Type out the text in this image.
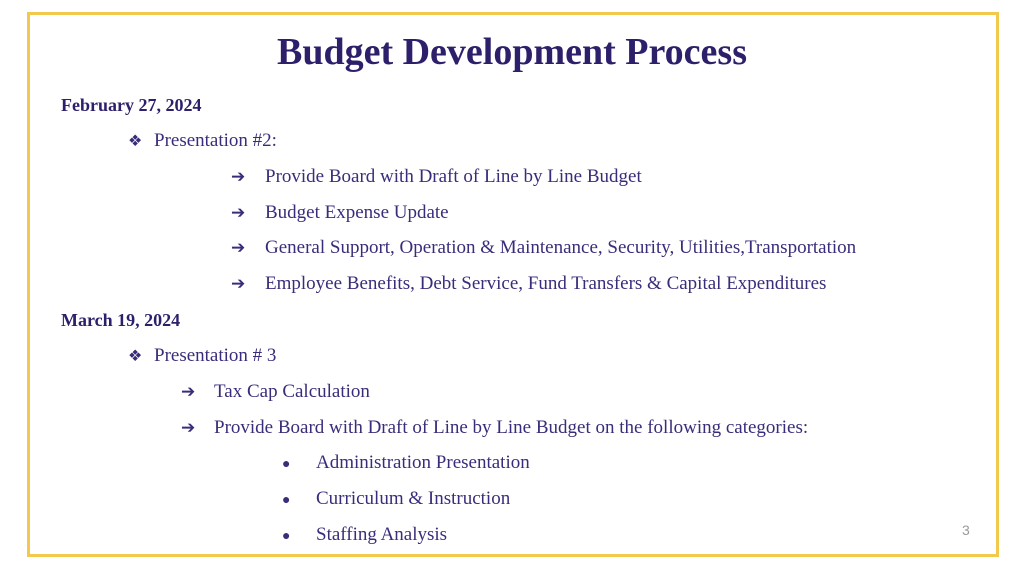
Budget Development Process
February 27, 2024
❖ Presentation #2:
➔ Provide Board with Draft of Line by Line Budget
➔ Budget Expense Update
➔ General Support, Operation & Maintenance, Security, Utilities,Transportation
➔ Employee Benefits, Debt Service, Fund Transfers & Capital Expenditures
March 19, 2024
❖ Presentation # 3
➔ Tax Cap Calculation
➔ Provide Board with Draft of Line by Line Budget on the following categories:
● Administration Presentation
● Curriculum & Instruction
● Staffing Analysis	3
